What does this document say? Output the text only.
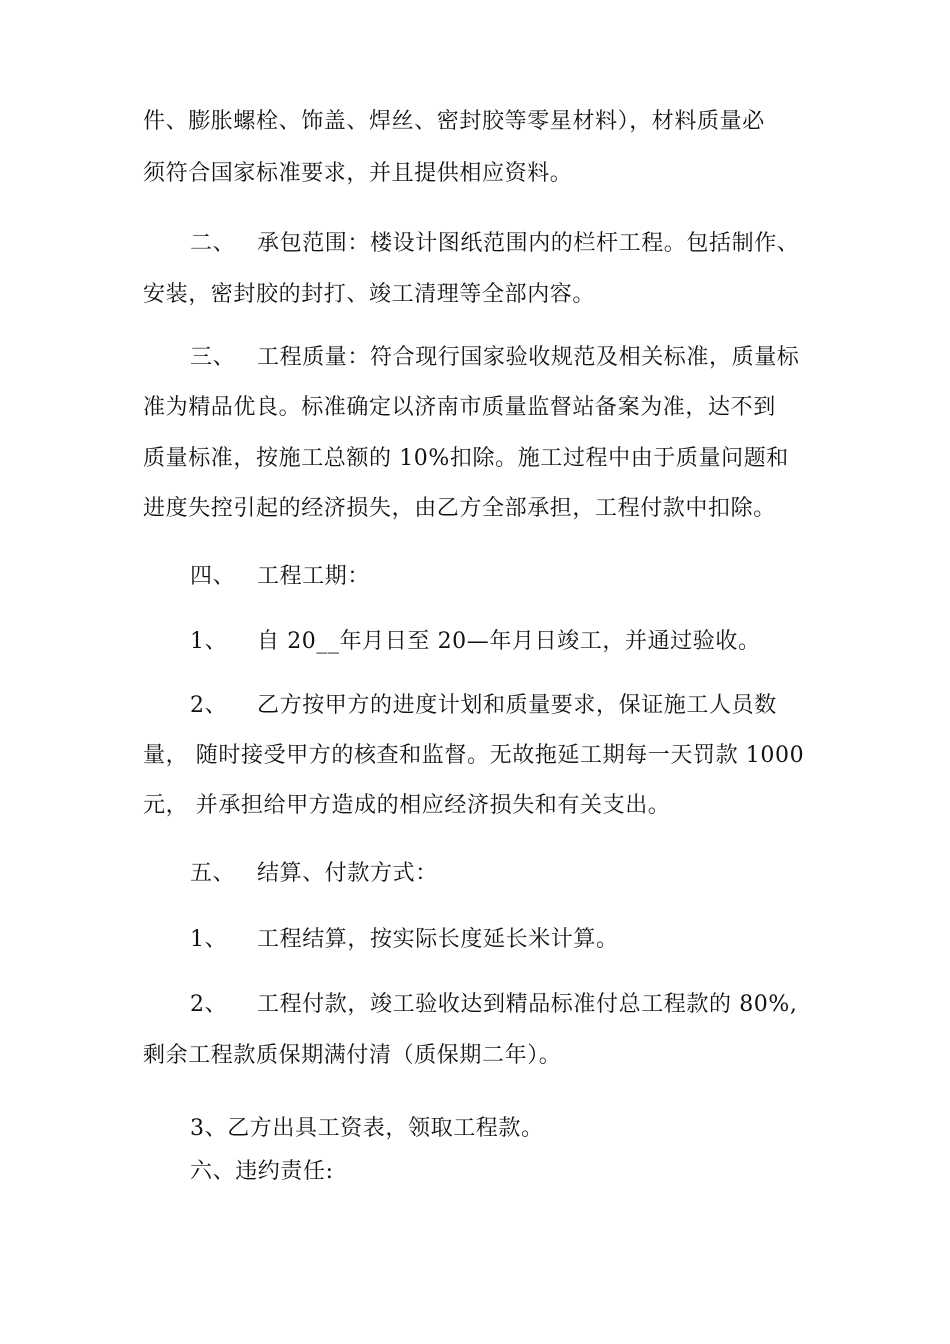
件、膨胀螺栓、饰盖、焊丝、密封胶等零星材料），材料质量必
须符合国家标准要求，并且提供相应资料。
二、 承包范围：楼设计图纸范围内的栏杆工程。包括制作、
安装，密封胶的封打、竣工清理等全部内容。
三、 工程质量：符合现行国家验收规范及相关标准，质量标
准为精品优良。标准确定以济南市质量监督站备案为准，达不到
质量标准，按施工总额的 10%扣除。施工过程中由于质量问题和
进度失控引起的经济损失，由乙方全部承担，工程付款中扣除。
四、 工程工期：
1、 自 20__年月日至 20—年月日竣工，并通过验收。
2、 乙方按甲方的进度计划和质量要求，保证施工人员数
量， 随时接受甲方的核查和监督。无故拖延工期每一天罚款 1000
元， 并承担给甲方造成的相应经济损失和有关支出。
五、 结算、付款方式：
1、 工程结算，按实际长度延长米计算。
2、 工程付款，竣工验收达到精品标准付总工程款的 80%,
剩余工程款质保期满付清（质保期二年）。
3、乙方出具工资表，领取工程款。
六、违约责任:
